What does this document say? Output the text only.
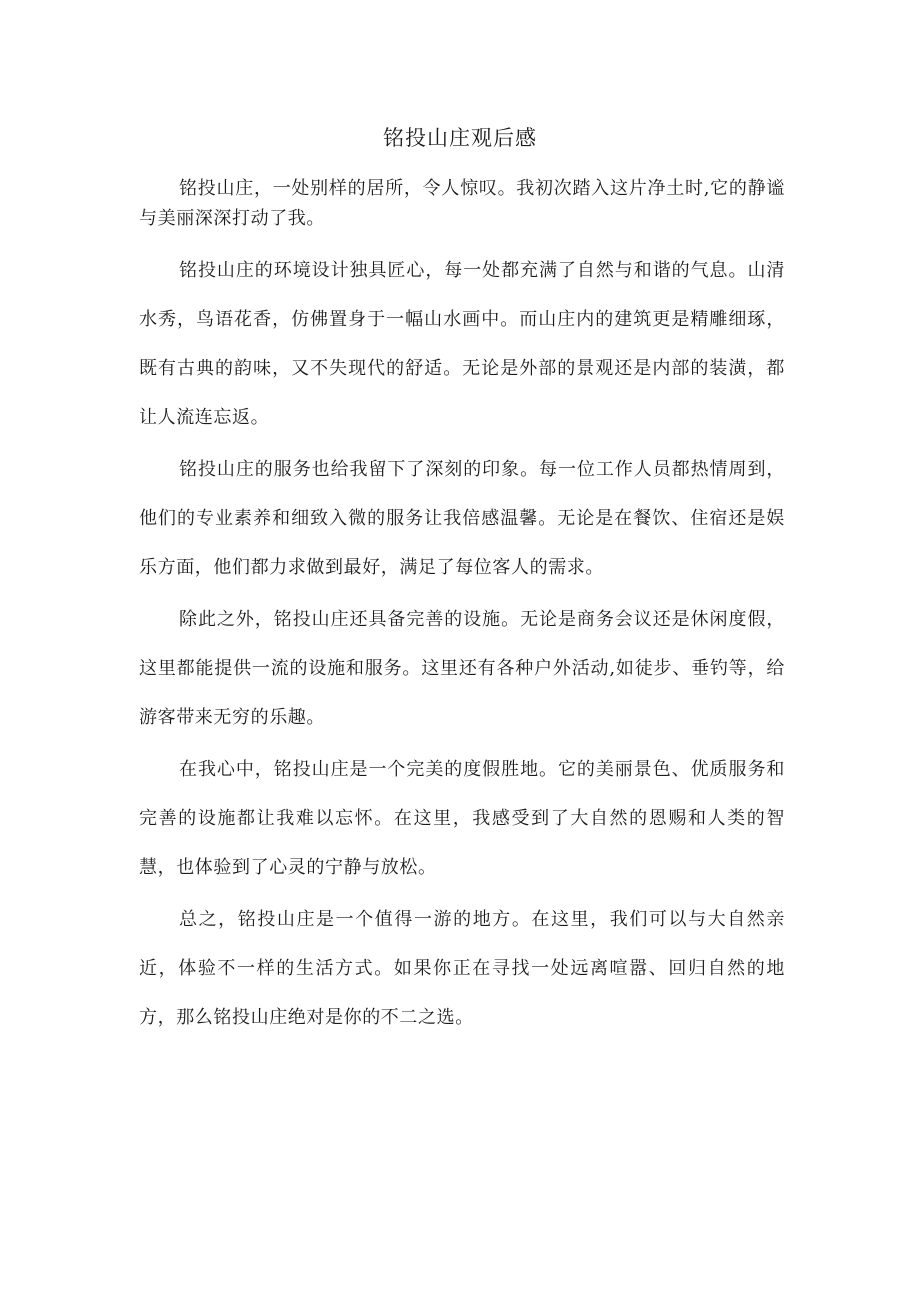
铭投山庄观后感

铭投山庄，一处别样的居所，令人惊叹。我初次踏入这片净土时,它的静谧与美丽深深打动了我。

铭投山庄的环境设计独具匠心，每一处都充满了自然与和谐的气息。山清水秀，鸟语花香，仿佛置身于一幅山水画中。而山庄内的建筑更是精雕细琢，既有古典的韵味，又不失现代的舒适。无论是外部的景观还是内部的装潢，都让人流连忘返。

铭投山庄的服务也给我留下了深刻的印象。每一位工作人员都热情周到，他们的专业素养和细致入微的服务让我倍感温馨。无论是在餐饮、住宿还是娱乐方面，他们都力求做到最好，满足了每位客人的需求。

除此之外，铭投山庄还具备完善的设施。无论是商务会议还是休闲度假，这里都能提供一流的设施和服务。这里还有各种户外活动,如徒步、垂钓等，给游客带来无穷的乐趣。

在我心中，铭投山庄是一个完美的度假胜地。它的美丽景色、优质服务和完善的设施都让我难以忘怀。在这里，我感受到了大自然的恩赐和人类的智慧，也体验到了心灵的宁静与放松。

总之，铭投山庄是一个值得一游的地方。在这里，我们可以与大自然亲近，体验不一样的生活方式。如果你正在寻找一处远离喧嚣、回归自然的地方，那么铭投山庄绝对是你的不二之选。
